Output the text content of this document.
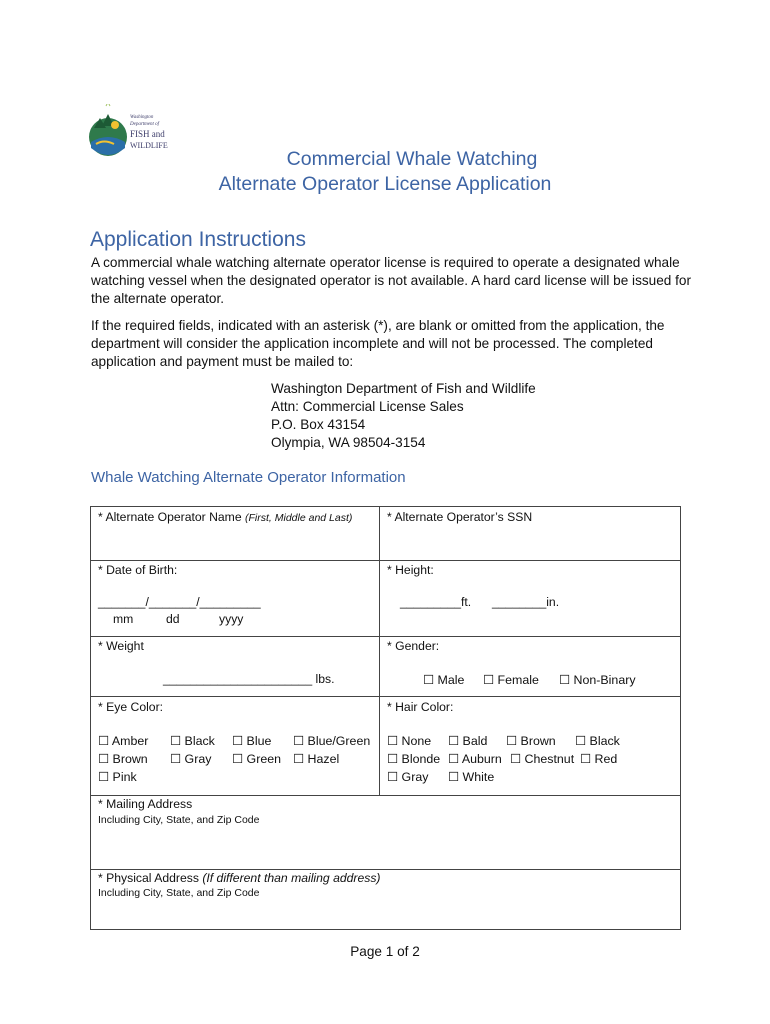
Washington
Department of
FISH and
WILDLIFE
Commercial Whale Watching
Alternate Operator License Application
Application Instructions
A commercial whale watching alternate operator license is required to operate a designated whale watching vessel when the designated operator is not available. A hard card license will be issued for the alternate operator.
If the required fields, indicated with an asterisk (*), are blank or omitted from the application, the department will consider the application incomplete and will not be processed. The completed application and payment must be mailed to:
Washington Department of Fish and Wildlife
Attn: Commercial License Sales
P.O. Box 43154
Olympia, WA 98504-3154
Whale Watching Alternate Operator Information
* Alternate Operator Name (First, Middle and Last)	* Alternate Operator’s SSN
* Date of Birth:
_______/_______/_________
mm	dd	yyyy
* Height:
_________ft. ________in.
* Weight
______________________ lbs.
* Gender:
☐ Male ☐ Female ☐ Non-Binary
* Eye Color:
☐ Amber ☐ Black ☐ Blue ☐ Blue/Green
☐ Brown ☐ Gray ☐ Green ☐ Hazel
☐ Pink
* Hair Color:
☐ None ☐ Bald ☐ Brown ☐ Black
☐ Blonde ☐ Auburn ☐ Chestnut ☐ Red
☐ Gray ☐ White
* Mailing Address
Including City, State, and Zip Code
* Physical Address (If different than mailing address)
Including City, State, and Zip Code
Page 1 of 2
